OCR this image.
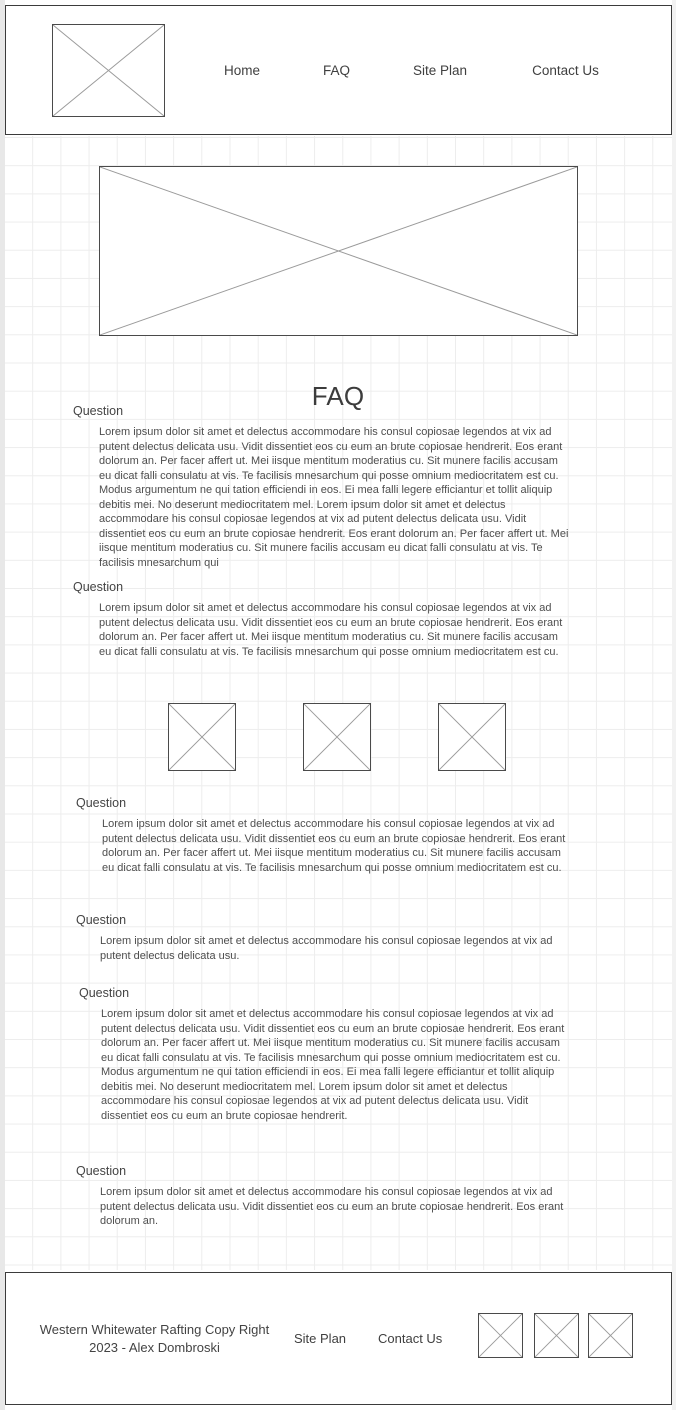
Home	FAQ	Site Plan	Contact Us
FAQ
Question

Lorem ipsum dolor sit amet et delectus accommodare his consul copiosae legendos at vix ad putent delectus delicata usu. Vidit dissentiet eos cu eum an brute copiosae hendrerit. Eos erant dolorum an. Per facer affert ut. Mei iisque mentitum moderatius cu. Sit munere facilis accusam eu dicat falli consulatu at vis. Te facilisis mnesarchum qui posse omnium mediocritatem est cu. Modus argumentum ne qui tation efficiendi in eos. Ei mea falli legere efficiantur et tollit aliquip debitis mei. No deserunt mediocritatem mel. Lorem ipsum dolor sit amet et delectus accommodare his consul copiosae legendos at vix ad putent delectus delicata usu. Vidit dissentiet eos cu eum an brute copiosae hendrerit. Eos erant dolorum an. Per facer affert ut. Mei iisque mentitum moderatius cu. Sit munere facilis accusam eu dicat falli consulatu at vis. Te facilisis mnesarchum qui

Question

Lorem ipsum dolor sit amet et delectus accommodare his consul copiosae legendos at vix ad putent delectus delicata usu. Vidit dissentiet eos cu eum an brute copiosae hendrerit. Eos erant dolorum an. Per facer affert ut. Mei iisque mentitum moderatius cu. Sit munere facilis accusam eu dicat falli consulatu at vis. Te facilisis mnesarchum qui posse omnium mediocritatem est cu.

Question

Lorem ipsum dolor sit amet et delectus accommodare his consul copiosae legendos at vix ad putent delectus delicata usu. Vidit dissentiet eos cu eum an brute copiosae hendrerit. Eos erant dolorum an. Per facer affert ut. Mei iisque mentitum moderatius cu. Sit munere facilis accusam eu dicat falli consulatu at vis. Te facilisis mnesarchum qui posse omnium mediocritatem est cu.

Question

Lorem ipsum dolor sit amet et delectus accommodare his consul copiosae legendos at vix ad putent delectus delicata usu.

Question

Lorem ipsum dolor sit amet et delectus accommodare his consul copiosae legendos at vix ad putent delectus delicata usu. Vidit dissentiet eos cu eum an brute copiosae hendrerit. Eos erant dolorum an. Per facer affert ut. Mei iisque mentitum moderatius cu. Sit munere facilis accusam eu dicat falli consulatu at vis. Te facilisis mnesarchum qui posse omnium mediocritatem est cu. Modus argumentum ne qui tation efficiendi in eos. Ei mea falli legere efficiantur et tollit aliquip debitis mei. No deserunt mediocritatem mel. Lorem ipsum dolor sit amet et delectus accommodare his consul copiosae legendos at vix ad putent delectus delicata usu. Vidit dissentiet eos cu eum an brute copiosae hendrerit.

Question

Lorem ipsum dolor sit amet et delectus accommodare his consul copiosae legendos at vix ad putent delectus delicata usu. Vidit dissentiet eos cu eum an brute copiosae hendrerit. Eos erant dolorum an.

Western Whitewater Rafting Copy Right 2023 - Alex Dombroski
Site Plan Contact Us
